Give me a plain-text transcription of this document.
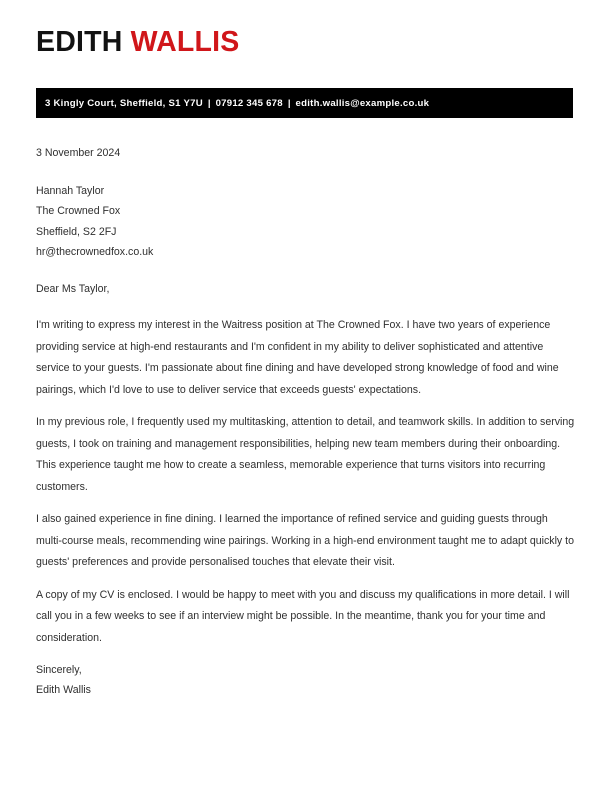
EDITH WALLIS
3 Kingly Court, Sheffield, S1 Y7U | 07912 345 678 | edith.wallis@example.co.uk
3 November 2024
Hannah Taylor
The Crowned Fox
Sheffield, S2 2FJ
hr@thecrownedfox.co.uk
Dear Ms Taylor,

I'm writing to express my interest in the Waitress position at The Crowned Fox. I have two years of experience providing service at high-end restaurants and I'm confident in my ability to deliver sophisticated and attentive service to your guests. I'm passionate about fine dining and have developed strong knowledge of food and wine pairings, which I'd love to use to deliver service that exceeds guests' expectations.

In my previous role, I frequently used my multitasking, attention to detail, and teamwork skills. In addition to serving guests, I took on training and management responsibilities, helping new team members during their onboarding. This experience taught me how to create a seamless, memorable experience that turns visitors into recurring customers.

I also gained experience in fine dining. I learned the importance of refined service and guiding guests through multi-course meals, recommending wine pairings. Working in a high-end environment taught me to adapt quickly to guests' preferences and provide personalised touches that elevate their visit.

A copy of my CV is enclosed. I would be happy to meet with you and discuss my qualifications in more detail. I will call you in a few weeks to see if an interview might be possible. In the meantime, thank you for your time and consideration.

Sincerely,
Edith Wallis
